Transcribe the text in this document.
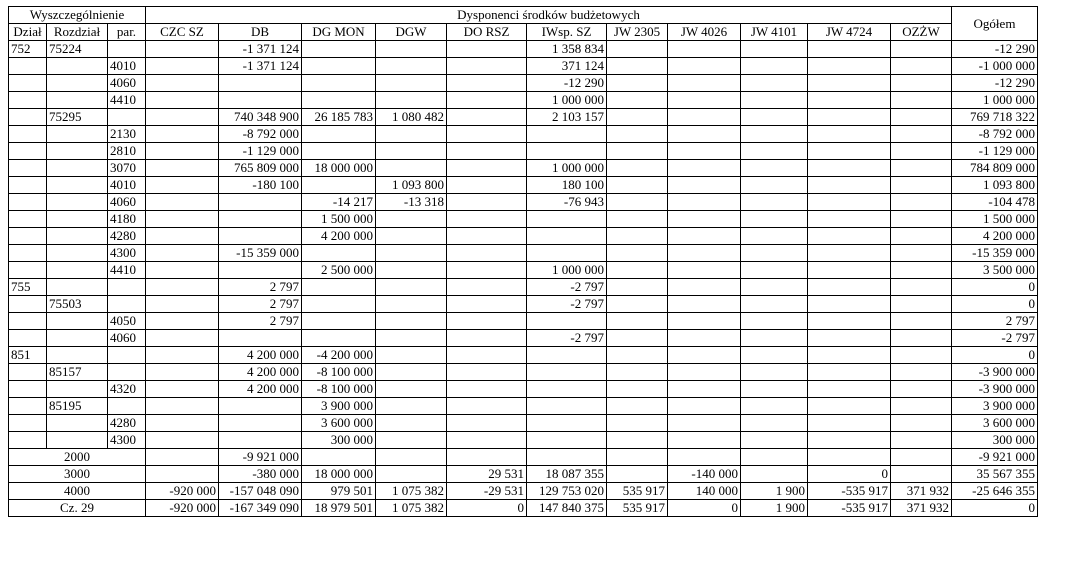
Wyszczególnienie			Dysponenci środków budżetowych											Ogółem
Dział	Rozdział	par.	CZC SZ	DB	DG MON	DGW	DO RSZ	IWsp. SZ	JW 2305	JW 4026	JW 4101	JW 4724	OZŻW	
752	75224			-1 371 124				1 358 834						-12 290
		4010		-1 371 124				371 124						-1 000 000
		4060						-12 290						-12 290
		4410						1 000 000						1 000 000
	75295			740 348 900	26 185 783	1 080 482		2 103 157						769 718 322
		2130		-8 792 000										-8 792 000
		2810		-1 129 000										-1 129 000
		3070		765 809 000	18 000 000			1 000 000						784 809 000
		4010		-180 100		1 093 800		180 100						1 093 800
		4060			-14 217	-13 318		-76 943						-104 478
		4180			1 500 000									1 500 000
		4280			4 200 000									4 200 000
		4300		-15 359 000										-15 359 000
		4410			2 500 000			1 000 000						3 500 000
755				2 797				-2 797						0
	75503			2 797				-2 797						0
		4050		2 797										2 797
		4060						-2 797						-2 797
851				4 200 000	-4 200 000									0
	85157			4 200 000	-8 100 000									-3 900 000
		4320		4 200 000	-8 100 000									-3 900 000
	85195				3 900 000									3 900 000
		4280			3 600 000									3 600 000
		4300			300 000									300 000
2000				-9 921 000										-9 921 000
3000				-380 000	18 000 000		29 531	18 087 355		-140 000		0		35 567 355
4000			-920 000	-157 048 090	979 501	1 075 382	-29 531	129 753 020	535 917	140 000	1 900	-535 917	371 932	-25 646 355
Cz. 29			-920 000	-167 349 090	18 979 501	1 075 382	0	147 840 375	535 917	0	1 900	-535 917	371 932	0
